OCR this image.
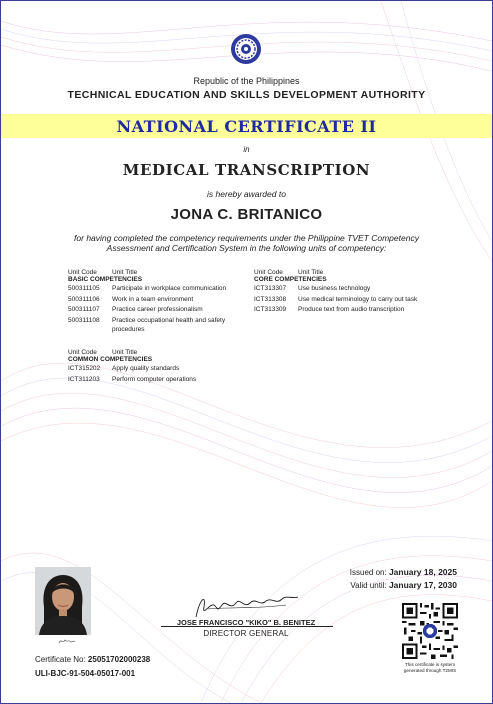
Republic of the Philippines
TECHNICAL EDUCATION AND SKILLS DEVELOPMENT AUTHORITY
NATIONAL CERTIFICATE II
in
MEDICAL TRANSCRIPTION
is hereby awarded to
JONA C. BRITANICO
for having completed the competency requirements under the Philippine TVET Competency Assessment and Certification System in the following units of competency:
Unit Code Unit Title
BASIC COMPETENCIES
500311105	Participate in workplace communication
500311106	Work in a team environment
500311107	Practice career professionalism
500311108	Practice occupational health and safety procedures
Unit Code Unit Title
CORE COMPETENCIES
ICT313307	Use business technology
ICT313308	Use medical terminology to carry out task
ICT313309	Produce text from audio transcription
Unit Code Unit Title
COMMON COMPETENCIES
ICT315202	Apply quality standards
ICT311203	Perform computer operations
Issued on: January 18, 2025
Valid until: January 17, 2030
JOSE FRANCISCO "KIKO" B. BENITEZ
DIRECTOR GENERAL
Certificate No: 25051702000238
ULI-BJC-91-504-05017-001
This certificate is system
generated through T2MIS
